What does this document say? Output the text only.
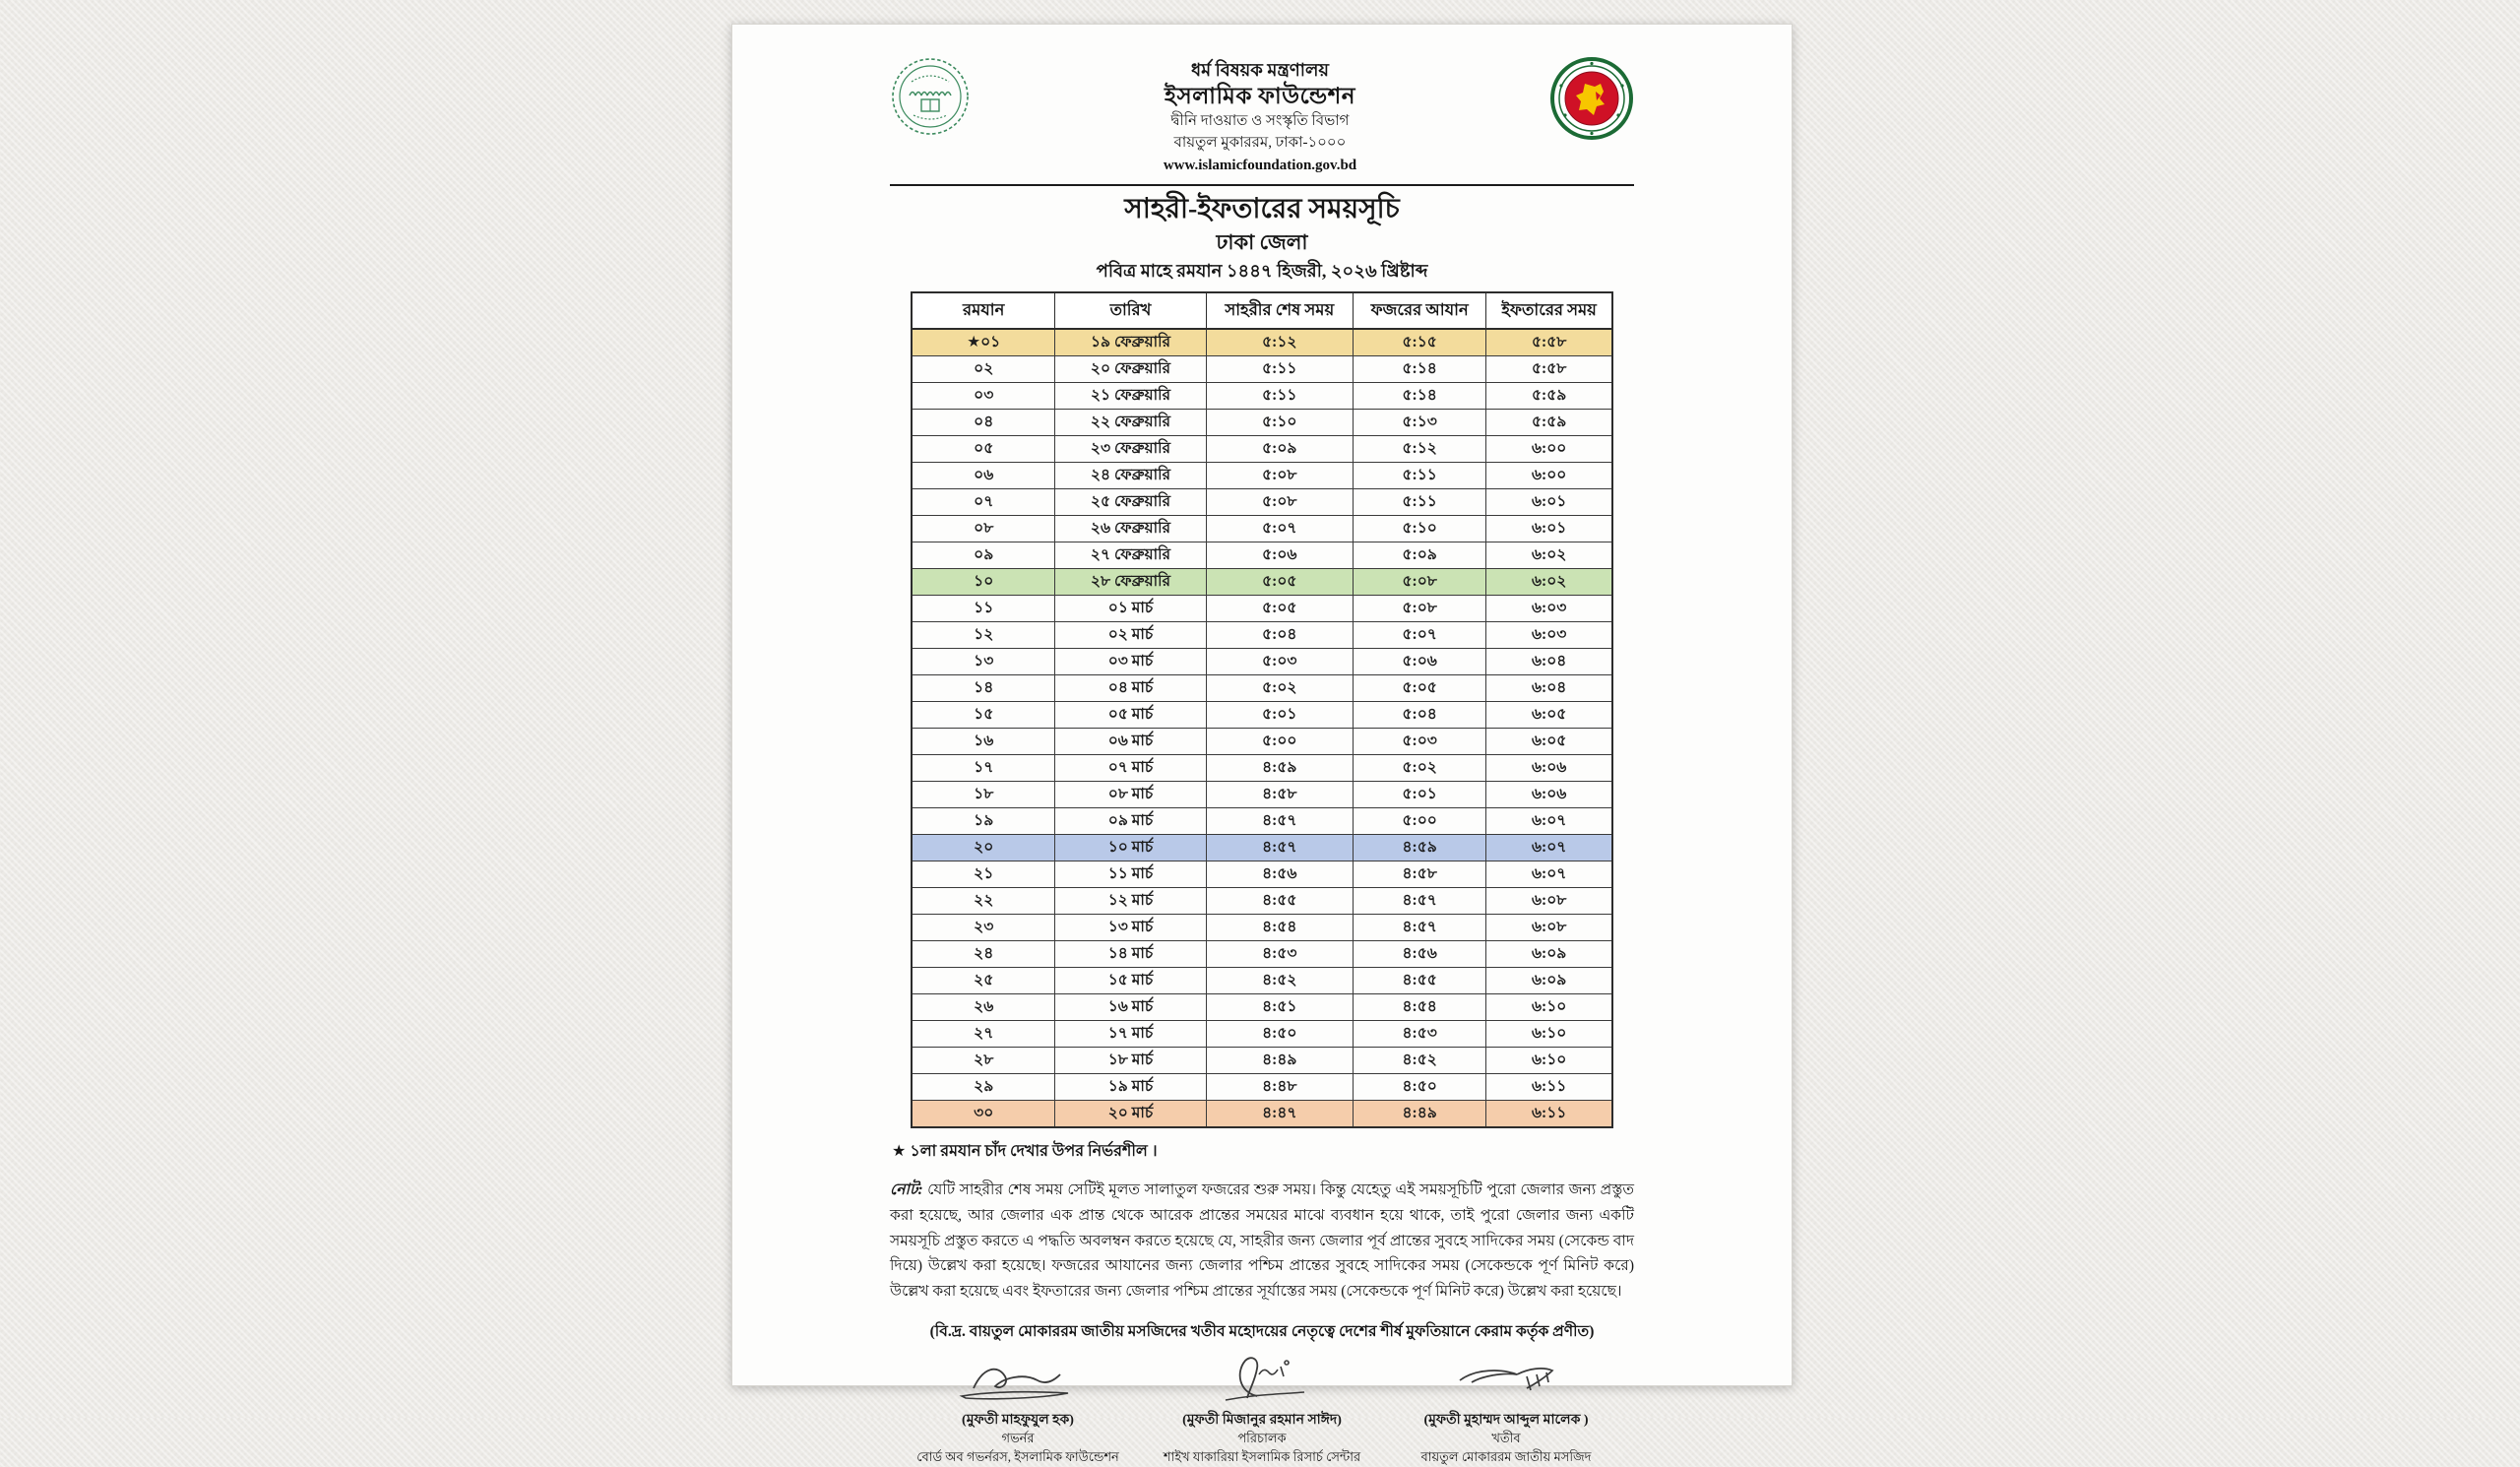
ধর্ম বিষয়ক মন্ত্রণালয়
ইসলামিক ফাউন্ডেশন
দ্বীনি দাওয়াত ও সংস্কৃতি বিভাগ
বায়তুল মুকাররম, ঢাকা-১০০০
www.islamicfoundation.gov.bd
সাহরী-ইফতারের সময়সূচি
ঢাকা জেলা
পবিত্র মাহে রমযান ১৪৪৭ হিজরী, ২০২৬ খ্রিষ্টাব্দ
রমযান	তারিখ	সাহরীর শেষ সময়	ফজরের আযান	ইফতারের সময়
★০১	১৯ ফেব্রুয়ারি	৫:১২	৫:১৫	৫:৫৮
০২	২০ ফেব্রুয়ারি	৫:১১	৫:১৪	৫:৫৮
০৩	২১ ফেব্রুয়ারি	৫:১১	৫:১৪	৫:৫৯
০৪	২২ ফেব্রুয়ারি	৫:১০	৫:১৩	৫:৫৯
০৫	২৩ ফেব্রুয়ারি	৫:০৯	৫:১২	৬:০০
০৬	২৪ ফেব্রুয়ারি	৫:০৮	৫:১১	৬:০০
০৭	২৫ ফেব্রুয়ারি	৫:০৮	৫:১১	৬:০১
০৮	২৬ ফেব্রুয়ারি	৫:০৭	৫:১০	৬:০১
০৯	২৭ ফেব্রুয়ারি	৫:০৬	৫:০৯	৬:০২
১০	২৮ ফেব্রুয়ারি	৫:০৫	৫:০৮	৬:০২
১১	০১ মার্চ	৫:০৫	৫:০৮	৬:০৩
১২	০২ মার্চ	৫:০৪	৫:০৭	৬:০৩
১৩	০৩ মার্চ	৫:০৩	৫:০৬	৬:০৪
১৪	০৪ মার্চ	৫:০২	৫:০৫	৬:০৪
১৫	০৫ মার্চ	৫:০১	৫:০৪	৬:০৫
১৬	০৬ মার্চ	৫:০০	৫:০৩	৬:০৫
১৭	০৭ মার্চ	৪:৫৯	৫:০২	৬:০৬
১৮	০৮ মার্চ	৪:৫৮	৫:০১	৬:০৬
১৯	০৯ মার্চ	৪:৫৭	৫:০০	৬:০৭
২০	১০ মার্চ	৪:৫৭	৪:৫৯	৬:০৭
২১	১১ মার্চ	৪:৫৬	৪:৫৮	৬:০৭
২২	১২ মার্চ	৪:৫৫	৪:৫৭	৬:০৮
২৩	১৩ মার্চ	৪:৫৪	৪:৫৭	৬:০৮
২৪	১৪ মার্চ	৪:৫৩	৪:৫৬	৬:০৯
২৫	১৫ মার্চ	৪:৫২	৪:৫৫	৬:০৯
২৬	১৬ মার্চ	৪:৫১	৪:৫৪	৬:১০
২৭	১৭ মার্চ	৪:৫০	৪:৫৩	৬:১০
২৮	১৮ মার্চ	৪:৪৯	৪:৫২	৬:১০
২৯	১৯ মার্চ	৪:৪৮	৪:৫০	৬:১১
৩০	২০ মার্চ	৪:৪৭	৪:৪৯	৬:১১
★ ১লা রমযান চাঁদ দেখার উপর নির্ভরশীল ।
নোট: যেটি সাহরীর শেষ সময় সেটিই মূলত সালাতুল ফজরের শুরু সময়। কিন্তু যেহেতু এই সময়সূচিটি পুরো জেলার জন্য প্রস্তুত করা হয়েছে, আর জেলার এক প্রান্ত থেকে আরেক প্রান্তের সময়ের মাঝে ব্যবধান হয়ে থাকে, তাই পুরো জেলার জন্য একটি সময়সূচি প্রস্তুত করতে এ পদ্ধতি অবলম্বন করতে হয়েছে যে, সাহরীর জন্য জেলার পূর্ব প্রান্তের সুবহে সাদিকের সময় (সেকেন্ড বাদ দিয়ে) উল্লেখ করা হয়েছে। ফজরের আযানের জন্য জেলার পশ্চিম প্রান্তের সুবহে সাদিকের সময় (সেকেন্ডকে পূর্ণ মিনিট করে) উল্লেখ করা হয়েছে এবং ইফতারের জন্য জেলার পশ্চিম প্রান্তের সূর্যাস্তের সময় (সেকেন্ডকে পূর্ণ মিনিট করে) উল্লেখ করা হয়েছে।
(বি.দ্র. বায়তুল মোকাররম জাতীয় মসজিদের খতীব মহোদয়ের নেতৃত্বে দেশের শীর্ষ মুফতিয়ানে কেরাম কর্তৃক প্রণীত)
(মুফতী মাহফুযুল হক)
গভর্নর
বোর্ড অব গভর্নরস, ইসলামিক ফাউন্ডেশন
(মুফতী মিজানুর রহমান সাঈদ)
পরিচালক
শাইখ যাকারিয়া ইসলামিক রিসার্চ সেন্টার
(মুফতী মুহাম্মদ আব্দুল মালেক )
খতীব
বায়তুল মোকাররম জাতীয় মসজিদ
